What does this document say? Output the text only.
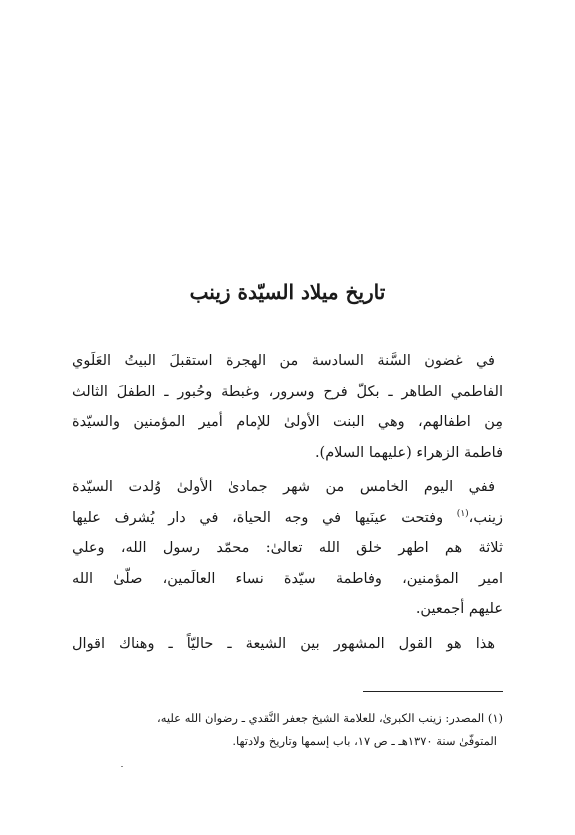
تاريخ ميلاد السيّدة زينب
في غضون السَّنة السادسة من الهجرة استقبلَ البيتُ العَلَوي
الفاطمي الطاهر ـ بكلّ فرح وسرور، وغبطة وحُبور ـ الطفلَ الثالث
مِن اطفالهم، وهي البنت الأولىٰ للإمام أمير المؤمنين والسيّدة
فاطمة الزهراء (عليهما السلام).
ففي اليوم الخامس من شهر جمادىٰ الأولىٰ وُلدت السيّدة
زينب،$^{(١)}$ وفتحت عينَيها في وجه الحياة، في دار يُشرف عليها
ثلاثة هم اطهر خلق الله تعالىٰ: محمّد رسول الله، وعلي
امير المؤمنين، وفاطمة سيّدة نساء العالَمين، صلّىٰ الله
عليهم أجمعين.
هذا هو القول المشهور بين الشيعة ـ حاليّاً ـ وهناك اقوال
(١) المصدر: زينب الكبرىٰ، للعلامة الشيخ جعفر النَّقدي ـ رضوان الله عليه،
المتوفّىٰ سنة ١٣٧٠هـ ـ ص ١٧، باب إسمها وتاريخ ولادتها.
